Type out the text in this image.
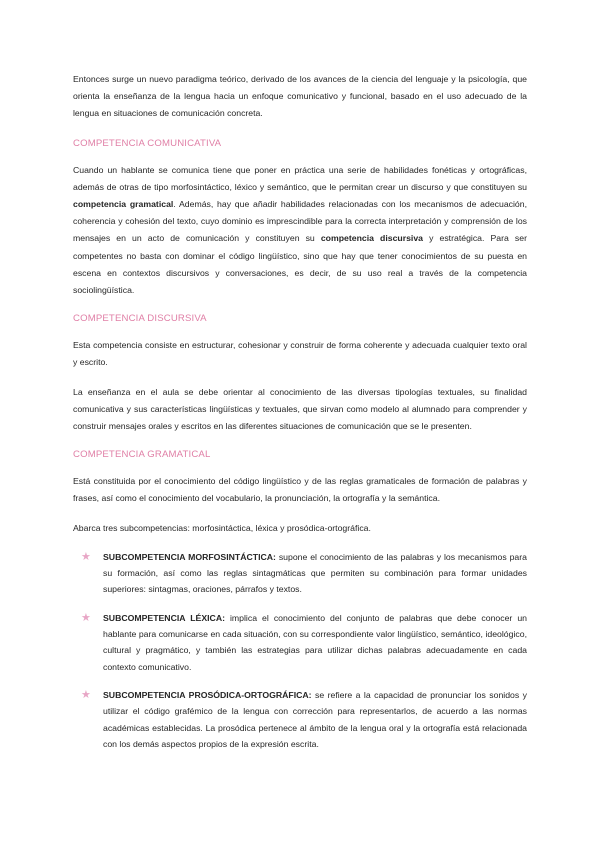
Entonces surge un nuevo paradigma teórico, derivado de los avances de la ciencia del lenguaje y la psicología, que orienta la enseñanza de la lengua hacia un enfoque comunicativo y funcional, basado en el uso adecuado de la lengua en situaciones de comunicación concreta.

COMPETENCIA COMUNICATIVA

Cuando un hablante se comunica tiene que poner en práctica una serie de habilidades fonéticas y ortográficas, además de otras de tipo morfosintáctico, léxico y semántico, que le permitan crear un discurso y que constituyen su competencia gramatical. Además, hay que añadir habilidades relacionadas con los mecanismos de adecuación, coherencia y cohesión del texto, cuyo dominio es imprescindible para la correcta interpretación y comprensión de los mensajes en un acto de comunicación y constituyen su competencia discursiva y estratégica. Para ser competentes no basta con dominar el código lingüístico, sino que hay que tener conocimientos de su puesta en escena en contextos discursivos y conversaciones, es decir, de su uso real a través de la competencia sociolingüística.

COMPETENCIA DISCURSIVA

Esta competencia consiste en estructurar, cohesionar y construir de forma coherente y adecuada cualquier texto oral y escrito.

La enseñanza en el aula se debe orientar al conocimiento de las diversas tipologías textuales, su finalidad comunicativa y sus características lingüísticas y textuales, que sirvan como modelo al alumnado para comprender y construir mensajes orales y escritos en las diferentes situaciones de comunicación que se le presenten.

COMPETENCIA GRAMATICAL

Está constituida por el conocimiento del código lingüístico y de las reglas gramaticales de formación de palabras y frases, así como el conocimiento del vocabulario, la pronunciación, la ortografía y la semántica.

Abarca tres subcompetencias: morfosintáctica, léxica y prosódica-ortográfica.

★ SUBCOMPETENCIA MORFOSINTÁCTICA: supone el conocimiento de las palabras y los mecanismos para su formación, así como las reglas sintagmáticas que permiten su combinación para formar unidades superiores: sintagmas, oraciones, párrafos y textos.

★ SUBCOMPETENCIA LÉXICA: implica el conocimiento del conjunto de palabras que debe conocer un hablante para comunicarse en cada situación, con su correspondiente valor lingüístico, semántico, ideológico, cultural y pragmático, y también las estrategias para utilizar dichas palabras adecuadamente en cada contexto comunicativo.

★ SUBCOMPETENCIA PROSÓDICA-ORTOGRÁFICA: se refiere a la capacidad de pronunciar los sonidos y utilizar el código grafémico de la lengua con corrección para representarlos, de acuerdo a las normas académicas establecidas. La prosódica pertenece al ámbito de la lengua oral y la ortografía está relacionada con los demás aspectos propios de la expresión escrita.
